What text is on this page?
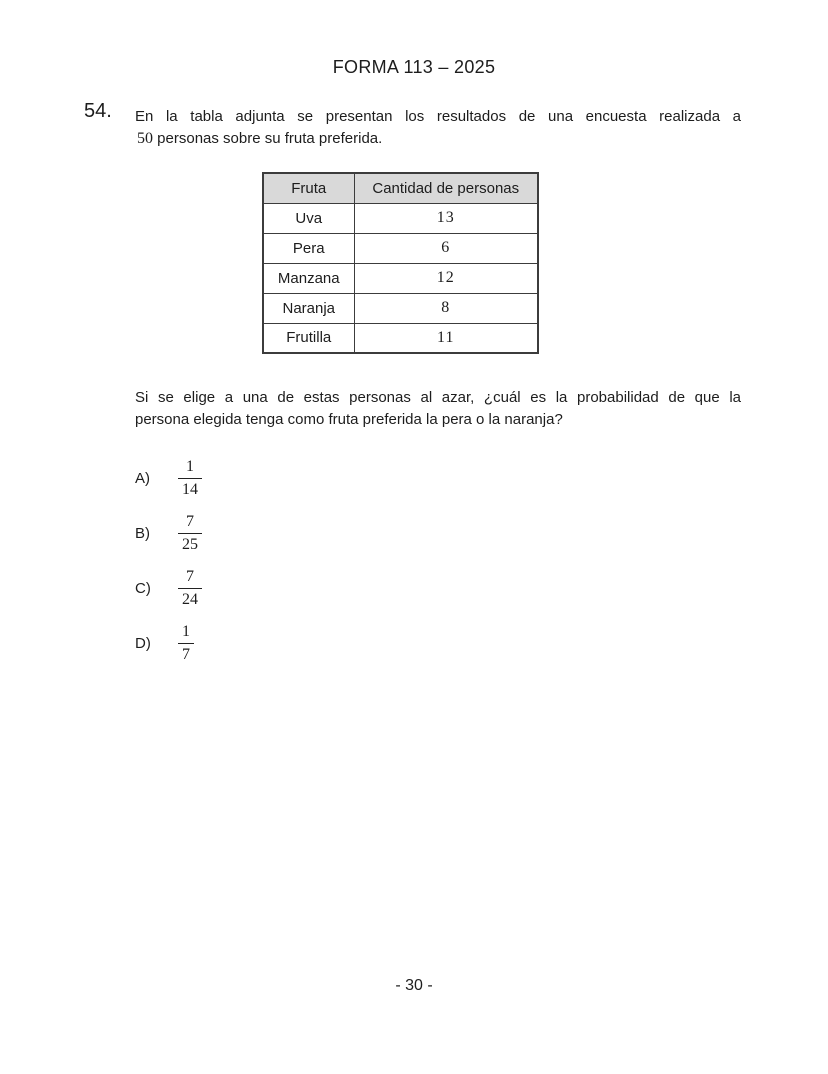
FORMA 113 – 2025
54. En la tabla adjunta se presentan los resultados de una encuesta realizada a
50 personas sobre su fruta preferida.
Fruta	Cantidad de personas
Uva	13
Pera	6
Manzana	12
Naranja	8
Frutilla	11
Si se elige a una de estas personas al azar, ¿cuál es la probabilidad de que la
persona elegida tenga como fruta preferida la pera o la naranja?
A)	$\frac{1}{14}$
B)	$\frac{7}{25}$
C)	$\frac{7}{24}$
D)	$\frac{1}{7}$
- 30 -
